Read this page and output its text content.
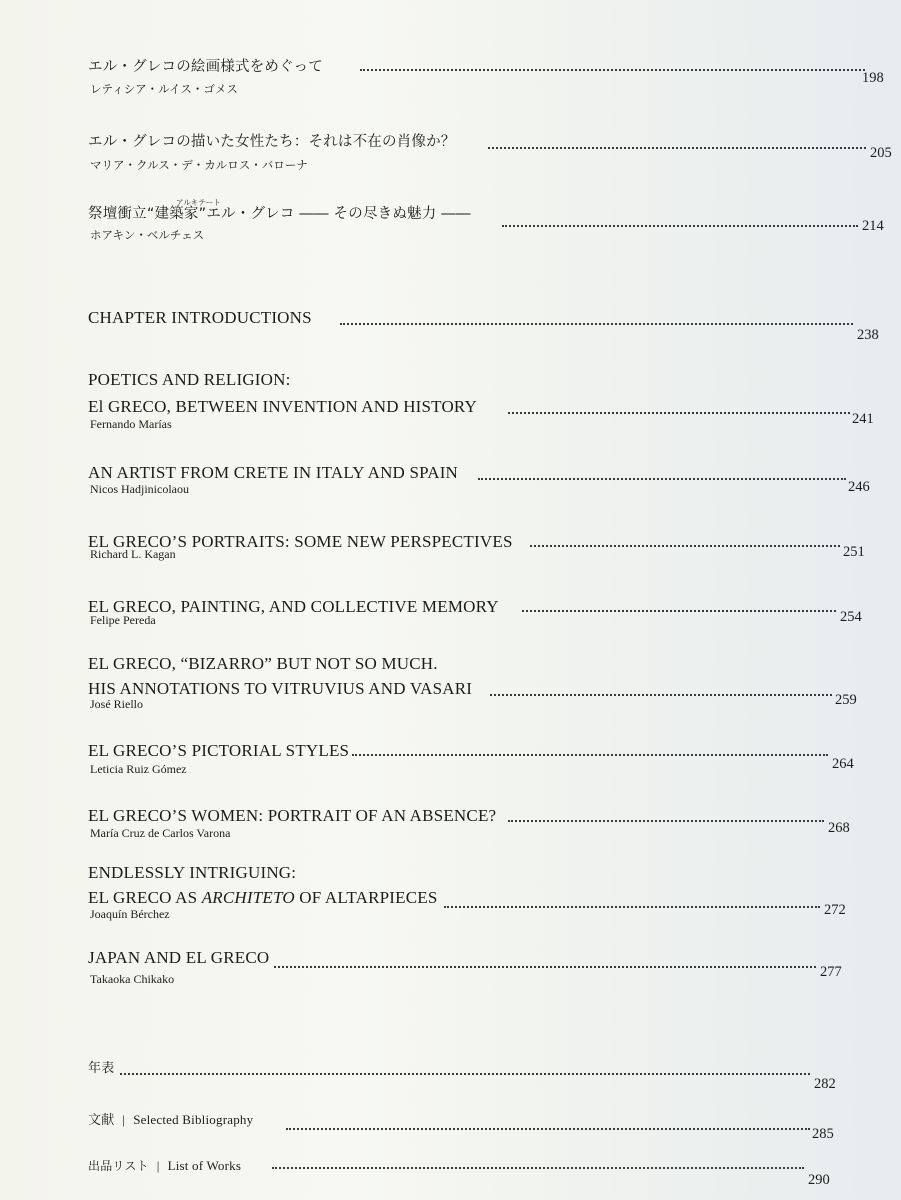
エル・グレコの絵画様式をめぐって
198
レティシア・ルイス・ゴメス
エル・グレコの描いた女性たち：それは不在の肖像か？
205
マリア・クルス・デ・カルロス・バローナ
アルキテート
祭壇衝立“建築家”エル・グレコ ―― その尽きぬ魅力 ――
214
ホアキン・ベルチェス
CHAPTER INTRODUCTIONS
238
POETICS AND RELIGION:
El GRECO, BETWEEN INVENTION AND HISTORY
241
Fernando Marías
AN ARTIST FROM CRETE IN ITALY AND SPAIN
246
Nicos Hadjinicolaou
EL GRECO’S PORTRAITS: SOME NEW PERSPECTIVES
251
Richard L. Kagan
EL GRECO, PAINTING, AND COLLECTIVE MEMORY
254
Felipe Pereda
EL GRECO, “BIZARRO” BUT NOT SO MUCH.
HIS ANNOTATIONS TO VITRUVIUS AND VASARI
259
José Riello
EL GRECO’S PICTORIAL STYLES
264
Leticia Ruiz Gómez
EL GRECO’S WOMEN: PORTRAIT OF AN ABSENCE?
268
María Cruz de Carlos Varona
ENDLESSLY INTRIGUING:
EL GRECO AS ARCHITETO OF ALTARPIECES
272
Joaquín Bérchez
JAPAN AND EL GRECO
277
Takaoka Chikako
年表
282
文献 | Selected Bibliography
285
出品リスト | List of Works
290
